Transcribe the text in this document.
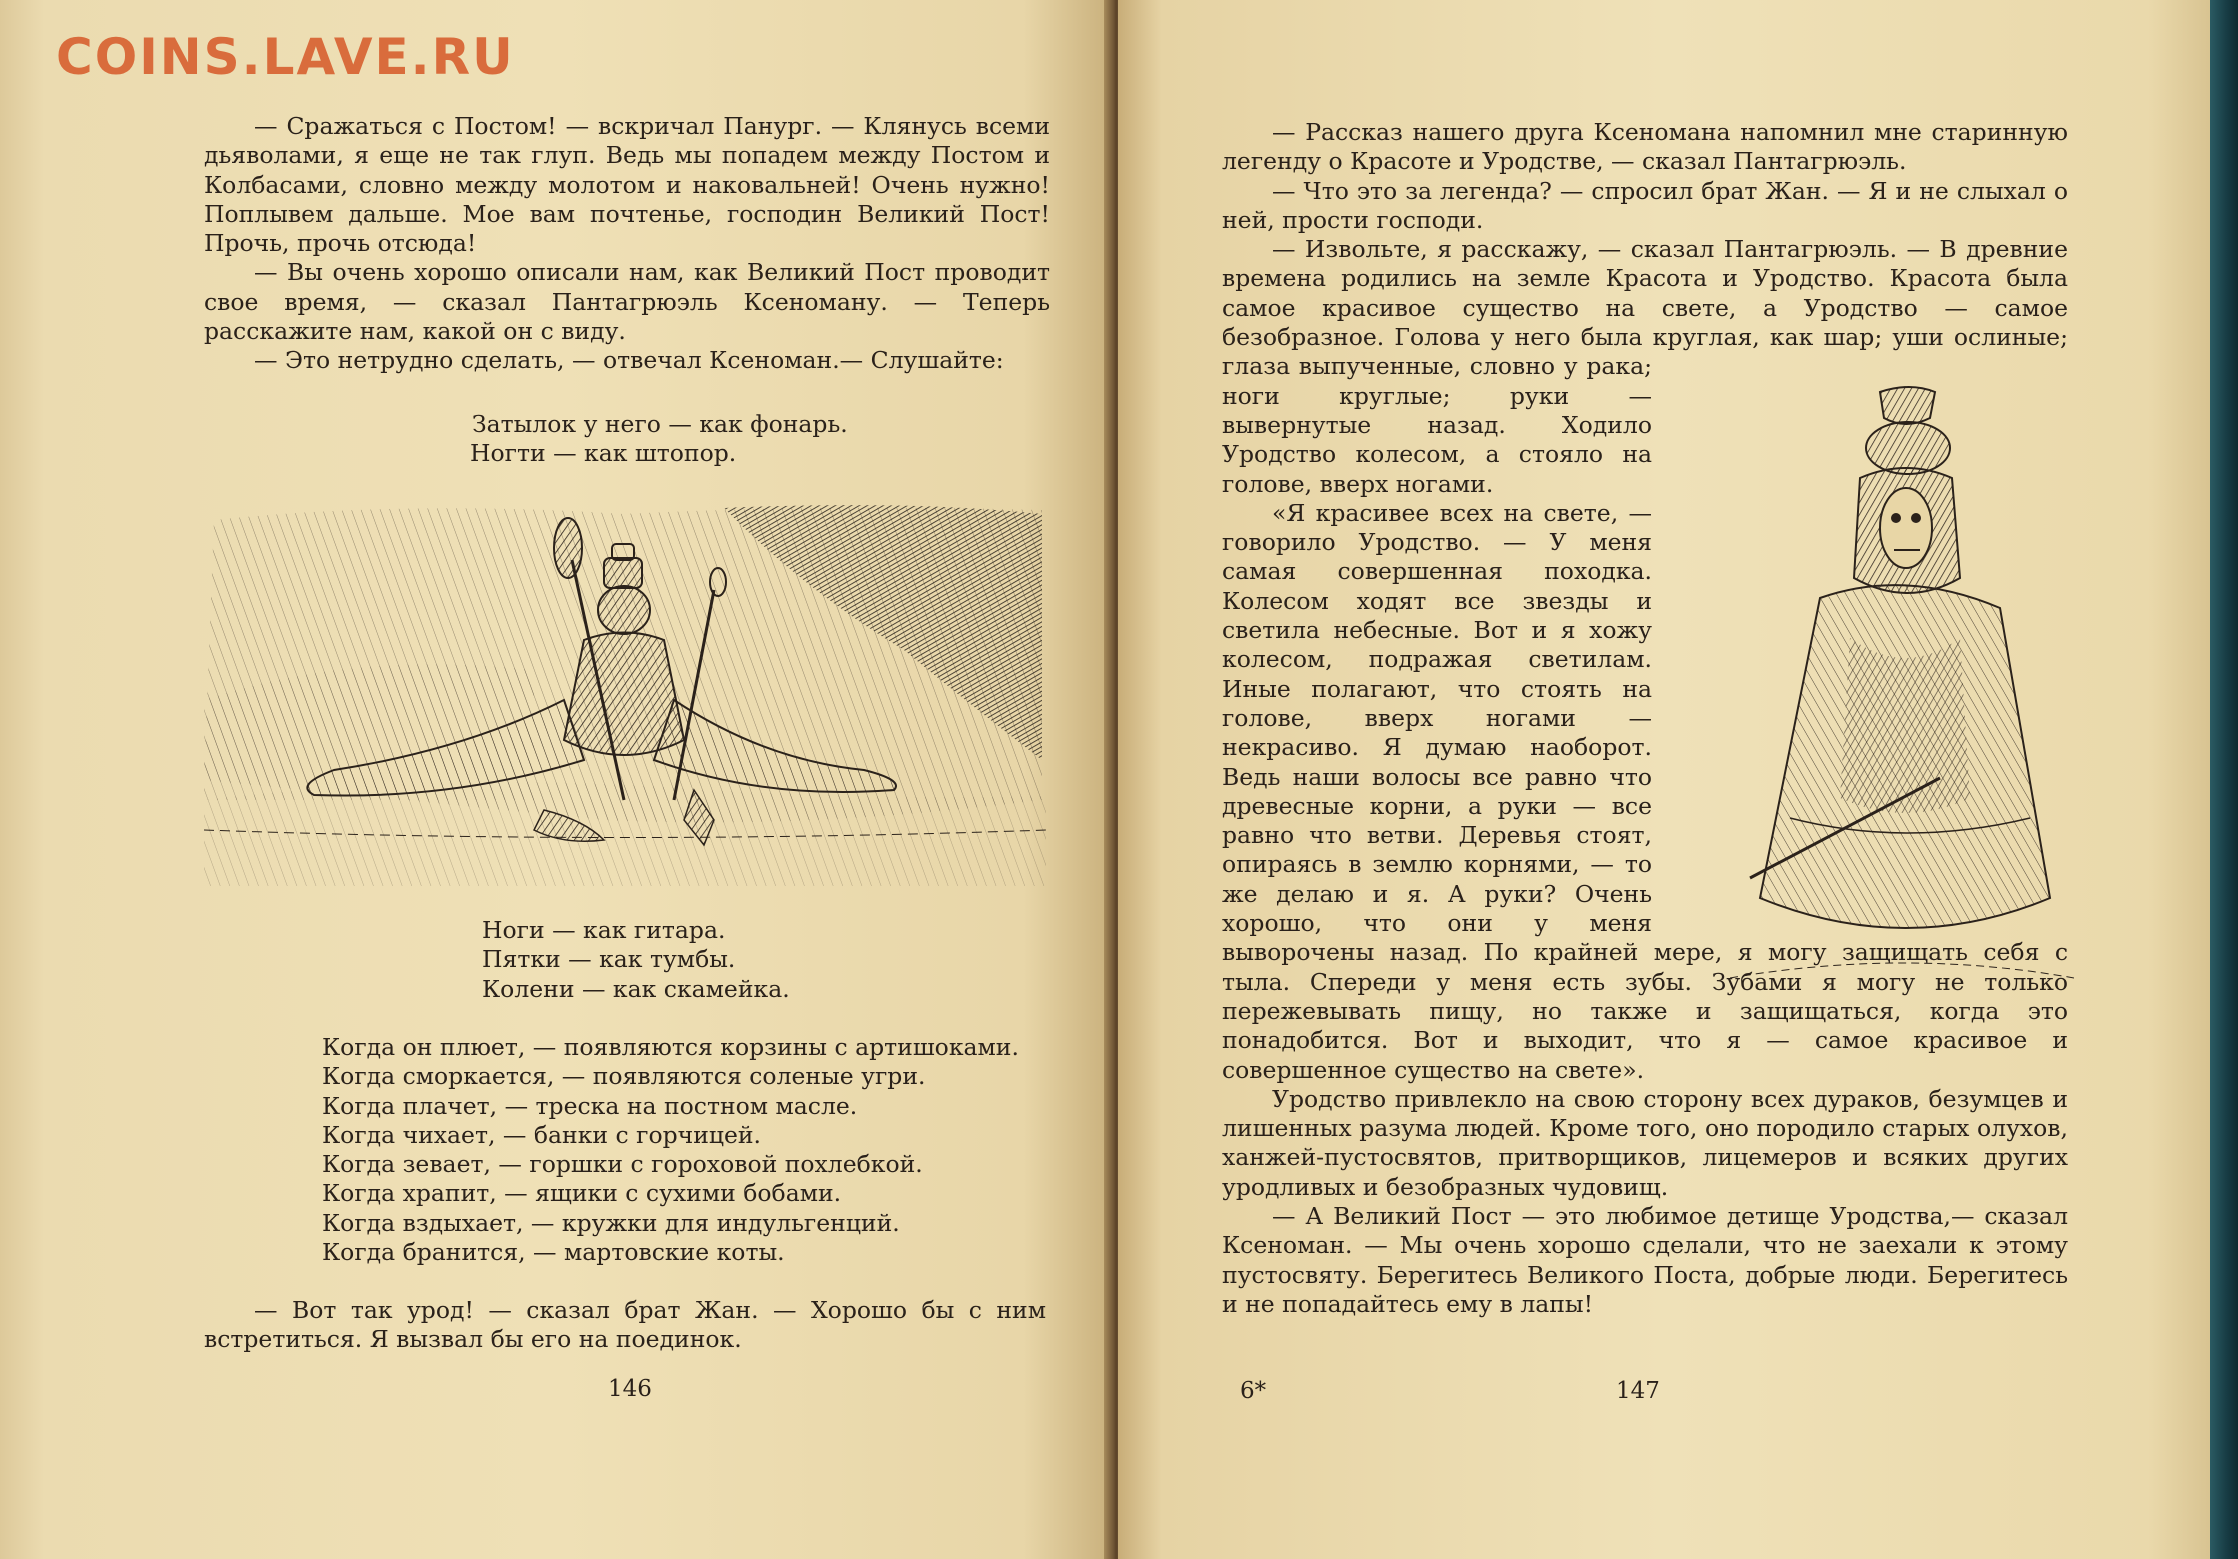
COINS.LAVE.RU

— Сражаться с Постом! — вскричал Панург. — Клянусь всеми дьяволами, я еще не так глуп. Ведь мы попадем между Постом и Колбасами, словно между молотом и наковальней! Очень нужно! Поплывем дальше. Мое вам почтенье, господин Великий Пост! Прочь, прочь отсюда!

— Вы очень хорошо описали нам, как Великий Пост проводит свое время, — сказал Пантагрюэль Ксеноману. — Теперь расскажите нам, какой он с виду.

— Это нетрудно сделать, — отвечал Ксеноман.— Слушайте:

Затылок у него — как фонарь.
Ногти — как штопор.
Ноги — как гитара.
Пятки — как тумбы.
Колени — как скамейка.
Когда он плюет, — появляются корзины с артишоками.
Когда сморкается, — появляются соленые угри.
Когда плачет, — треска на постном масле.
Когда чихает, — банки с горчицей.
Когда зевает, — горшки с гороховой похлебкой.
Когда храпит, — ящики с сухими бобами.
Когда вздыхает, — кружки для индульгенций.
Когда бранится, — мартовские коты.

— Вот так урод! — сказал брат Жан. — Хорошо бы с ним встретиться. Я вызвал бы его на поединок.

146

— Рассказ нашего друга Ксеномана напомнил мне старинную легенду о Красоте и Уродстве, — сказал Пантагрюэль.

— Что это за легенда? — спросил брат Жан. — Я и не слыхал о ней, прости господи.

— Извольте, я расскажу, — сказал Пантагрюэль. — В древние времена родились на земле Красота и Уродство. Красота была самое красивое существо на свете, а Уродство — самое безобразное. Голова у него была круглая, как шар; уши ослиные; глаза выпученные, словно у рака; ноги круглые; руки — вывернутые назад. Ходило Уродство колесом, а стояло на голове, вверх ногами.

«Я красивее всех на свете, — говорило Уродство. — У меня самая совершенная походка. Колесом ходят все звезды и светила небесные. Вот и я хожу колесом, подражая светилам. Иные полагают, что стоять на голове, вверх ногами — некрасиво. Я думаю наоборот. Ведь наши волосы все равно что древесные корни, а руки — все равно что ветви. Деревья стоят, опираясь в землю корнями, — то же делаю и я. А руки? Очень хорошо, что они у меня выворочены назад. По крайней мере, я могу защищать себя с тыла. Спереди у меня есть зубы. Зубами я могу не только пережевывать пищу, но также и защищаться, когда это понадобится. Вот и выходит, что я — самое красивое и совершенное существо на свете».

Уродство привлекло на свою сторону всех дураков, безумцев и лишенных разума людей. Кроме того, оно породило старых олухов, ханжей-пустосвятов, притворщиков, лицемеров и всяких других уродливых и безобразных чудовищ.

— А Великий Пост — это любимое детище Уродства,— сказал Ксеноман. — Мы очень хорошо сделали, что не заехали к этому пустосвяту. Берегитесь Великого Поста, добрые люди. Берегитесь и не попадайтесь ему в лапы!

6*	147
